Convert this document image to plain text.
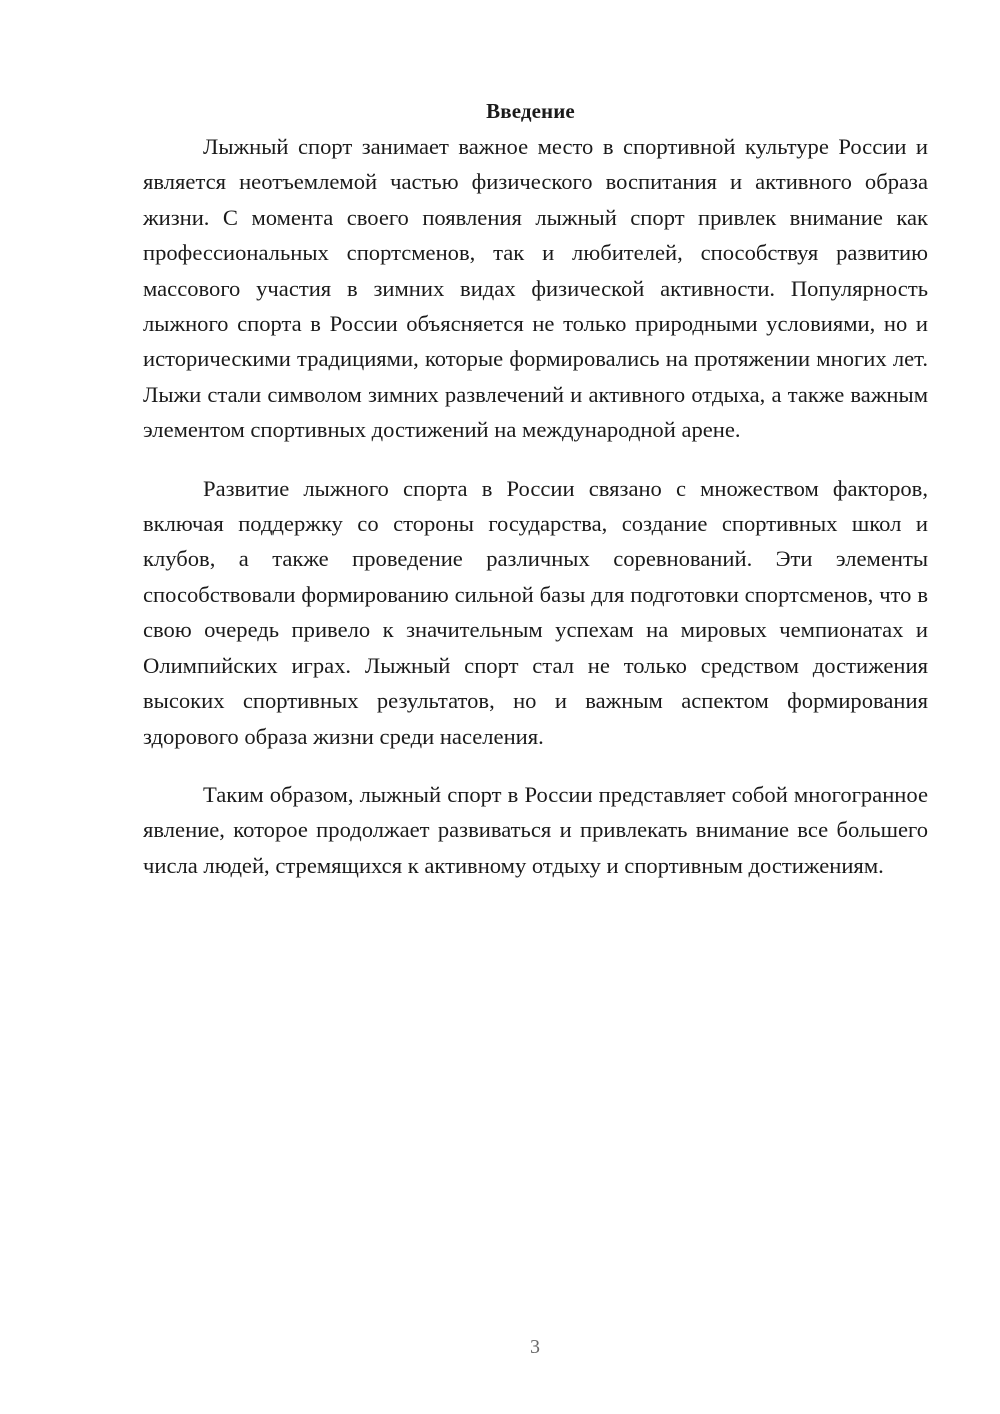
Введение

Лыжный спорт занимает важное место в спортивной культуре России и является неотъемлемой частью физического воспитания и активного образа жизни. С момента своего появления лыжный спорт привлек внимание как профессиональных спортсменов, так и любителей, способствуя развитию массового участия в зимних видах физической активности. Популярность лыжного спорта в России объясняется не только природными условиями, но и историческими традициями, которые формировались на протяжении многих лет. Лыжи стали символом зимних развлечений и активного отдыха, а также важным элементом спортивных достижений на международной арене.

Развитие лыжного спорта в России связано с множеством факторов, включая поддержку со стороны государства, создание спортивных школ и клубов, а также проведение различных соревнований. Эти элементы способствовали формированию сильной базы для подготовки спортсменов, что в свою очередь привело к значительным успехам на мировых чемпионатах и Олимпийских играх. Лыжный спорт стал не только средством достижения высоких спортивных результатов, но и важным аспектом формирования здорового образа жизни среди населения.

Таким образом, лыжный спорт в России представляет собой многогранное явление, которое продолжает развиваться и привлекать внимание все большего числа людей, стремящихся к активному отдыху и спортивным достижениям.

3
